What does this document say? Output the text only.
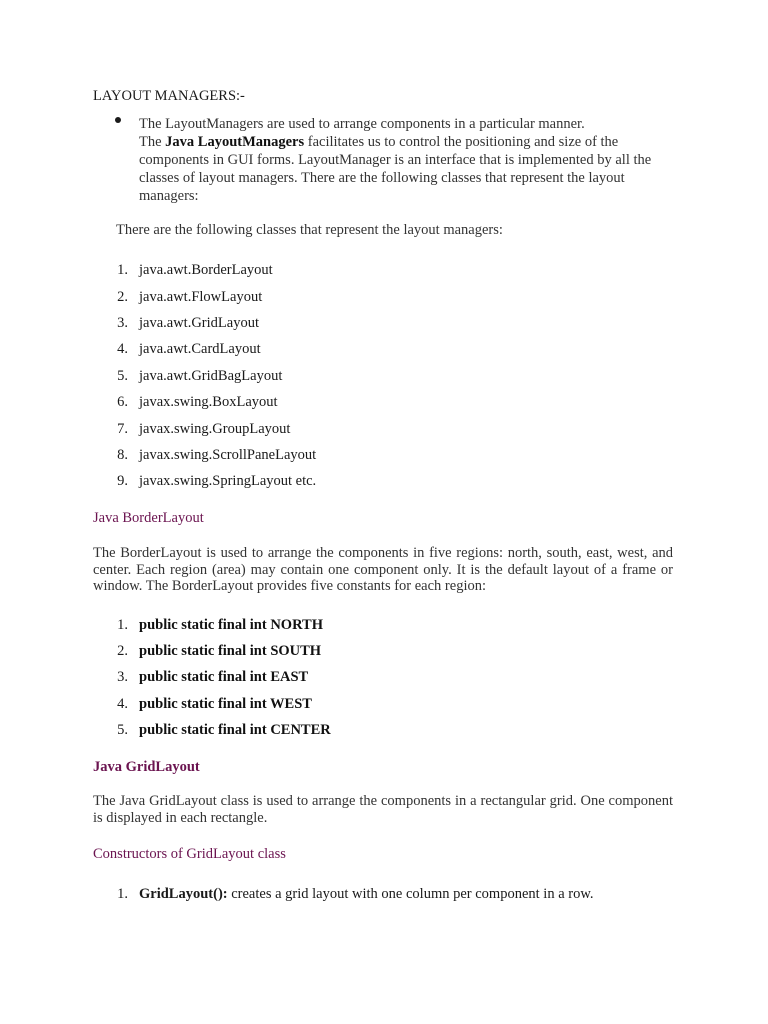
LAYOUT MANAGERS:-
The LayoutManagers are used to arrange components in a particular manner.
The Java LayoutManagers facilitates us to control the positioning and size of the components in GUI forms. LayoutManager is an interface that is implemented by all the classes of layout managers. There are the following classes that represent the layout managers:
There are the following classes that represent the layout managers:
1. java.awt.BorderLayout
2. java.awt.FlowLayout
3. java.awt.GridLayout
4. java.awt.CardLayout
5. java.awt.GridBagLayout
6. javax.swing.BoxLayout
7. javax.swing.GroupLayout
8. javax.swing.ScrollPaneLayout
9. javax.swing.SpringLayout etc.
Java BorderLayout
The BorderLayout is used to arrange the components in five regions: north, south, east, west, and center. Each region (area) may contain one component only. It is the default layout of a frame or window. The BorderLayout provides five constants for each region:
1. public static final int NORTH
2. public static final int SOUTH
3. public static final int EAST
4. public static final int WEST
5. public static final int CENTER
Java GridLayout
The Java GridLayout class is used to arrange the components in a rectangular grid. One component is displayed in each rectangle.
Constructors of GridLayout class
1. GridLayout(): creates a grid layout with one column per component in a row.
